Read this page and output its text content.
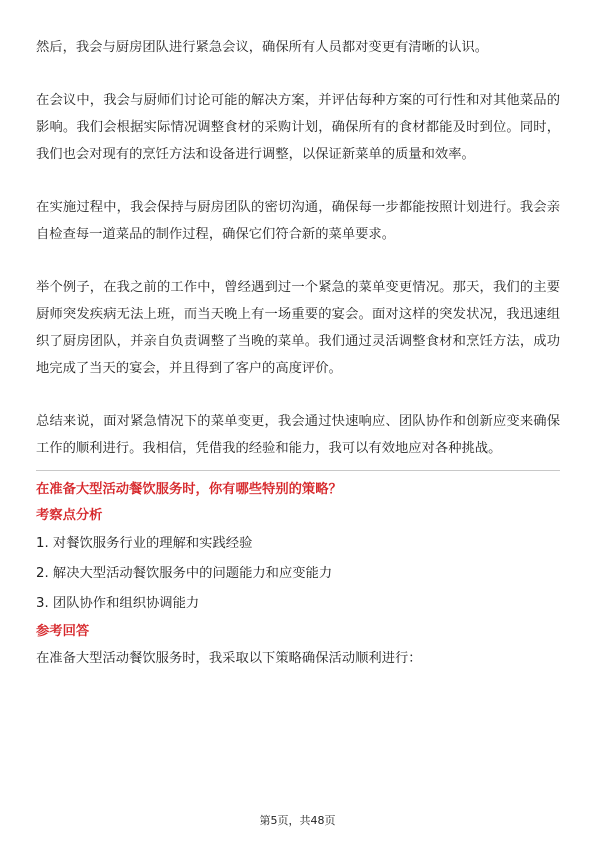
然后，我会与厨房团队进行紧急会议，确保所有人员都对变更有清晰的认识。

在会议中，我会与厨师们讨论可能的解决方案，并评估每种方案的可行性和对其他菜品的影响。我们会根据实际情况调整食材的采购计划，确保所有的食材都能及时到位。同时，我们也会对现有的烹饪方法和设备进行调整，以保证新菜单的质量和效率。

在实施过程中，我会保持与厨房团队的密切沟通，确保每一步都能按照计划进行。我会亲自检查每一道菜品的制作过程，确保它们符合新的菜单要求。

举个例子，在我之前的工作中，曾经遇到过一个紧急的菜单变更情况。那天，我们的主要厨师突发疾病无法上班，而当天晚上有一场重要的宴会。面对这样的突发状况，我迅速组织了厨房团队，并亲自负责调整了当晚的菜单。我们通过灵活调整食材和烹饪方法，成功地完成了当天的宴会，并且得到了客户的高度评价。

总结来说，面对紧急情况下的菜单变更，我会通过快速响应、团队协作和创新应变来确保工作的顺利进行。我相信，凭借我的经验和能力，我可以有效地应对各种挑战。

在准备大型活动餐饮服务时，你有哪些特别的策略？
考察点分析
1. 对餐饮服务行业的理解和实践经验
2. 解决大型活动餐饮服务中的问题能力和应变能力
3. 团队协作和组织协调能力
参考回答

在准备大型活动餐饮服务时，我采取以下策略确保活动顺利进行：

第5页，共48页
